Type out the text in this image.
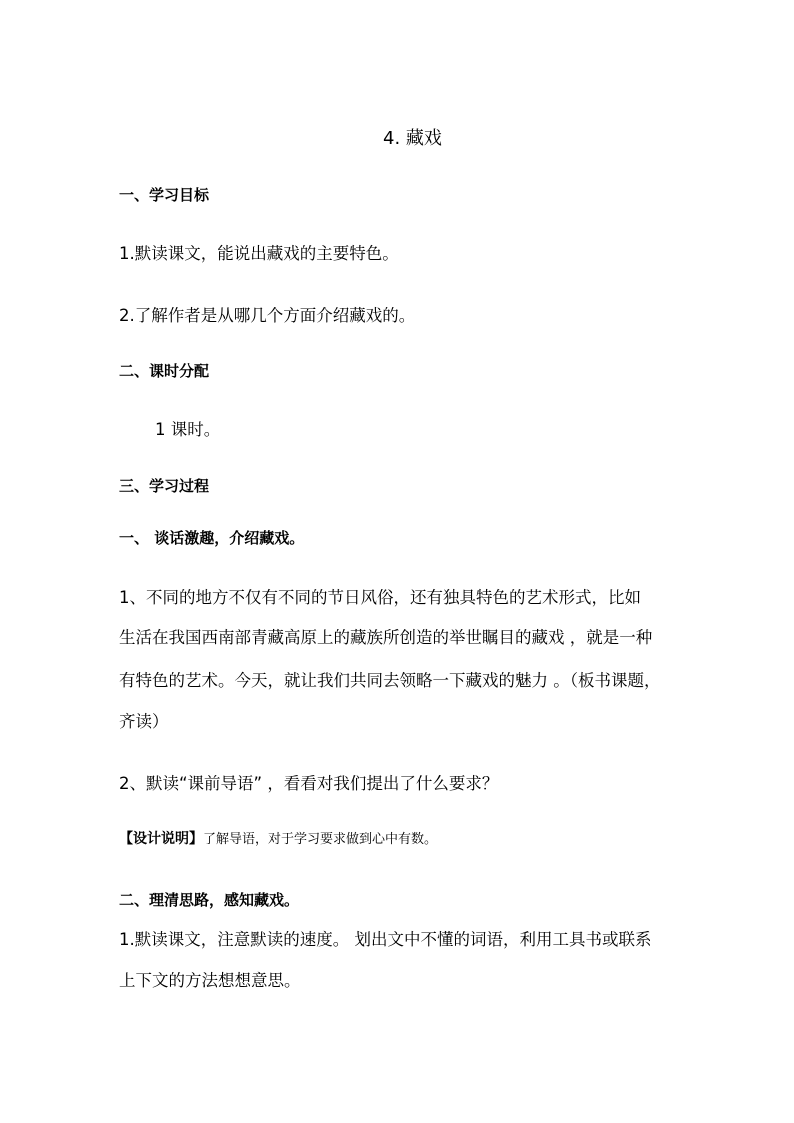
4. 藏戏
一、学习目标
1.默读课文，能说出藏戏的主要特色。
2.了解作者是从哪几个方面介绍藏戏的。
二、课时分配
1 课时。
三、学习过程
一、 谈话激趣，介绍藏戏。
1、不同的地方不仅有不同的节日风俗，还有独具特色的艺术形式，比如
生活在我国西南部青藏高原上的藏族所创造的举世瞩目的藏戏 ，就是一种
有特色的艺术。今天，就让我们共同去领略一下藏戏的魅力 。（板书课题，
齐读）
2、默读“课前导语” ，看看对我们提出了什么要求？
【设计说明】了解导语，对于学习要求做到心中有数。
二、理清思路，感知藏戏。
1.默读课文，注意默读的速度。 划出文中不懂的词语，利用工具书或联系
上下文的方法想想意思。
